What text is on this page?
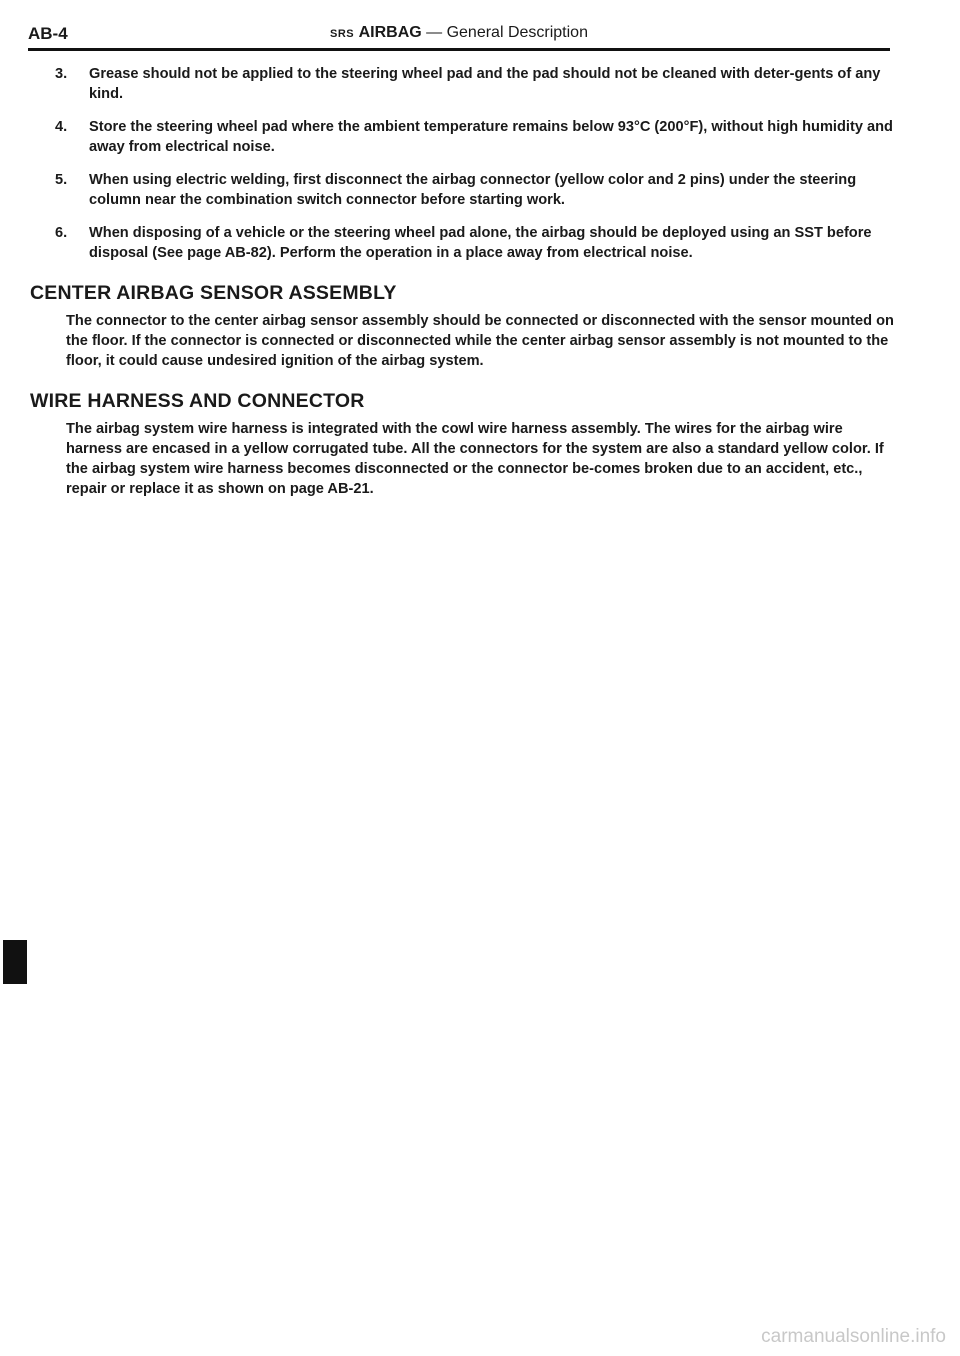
AB-4	SRS AIRBAG — General Description
3. Grease should not be applied to the steering wheel pad and the pad should not be cleaned with deter-gents of any kind.
4. Store the steering wheel pad where the ambient temperature remains below 93°C (200°F), without high humidity and away from electrical noise.
5. When using electric welding, first disconnect the airbag connector (yellow color and 2 pins) under the steering column near the combination switch connector before starting work.
6. When disposing of a vehicle or the steering wheel pad alone, the airbag should be deployed using an SST before disposal (See page AB-82). Perform the operation in a place away from electrical noise.
CENTER AIRBAG SENSOR ASSEMBLY
The connector to the center airbag sensor assembly should be connected or disconnected with the sensor mounted on the floor. If the connector is connected or disconnected while the center airbag sensor assembly is not mounted to the floor, it could cause undesired ignition of the airbag system.
WIRE HARNESS AND CONNECTOR
The airbag system wire harness is integrated with the cowl wire harness assembly. The wires for the airbag wire harness are encased in a yellow corrugated tube. All the connectors for the system are also a standard yellow color. If the airbag system wire harness becomes disconnected or the connector be-comes broken due to an accident, etc., repair or replace it as shown on page AB-21.
carmanualsonline.info
